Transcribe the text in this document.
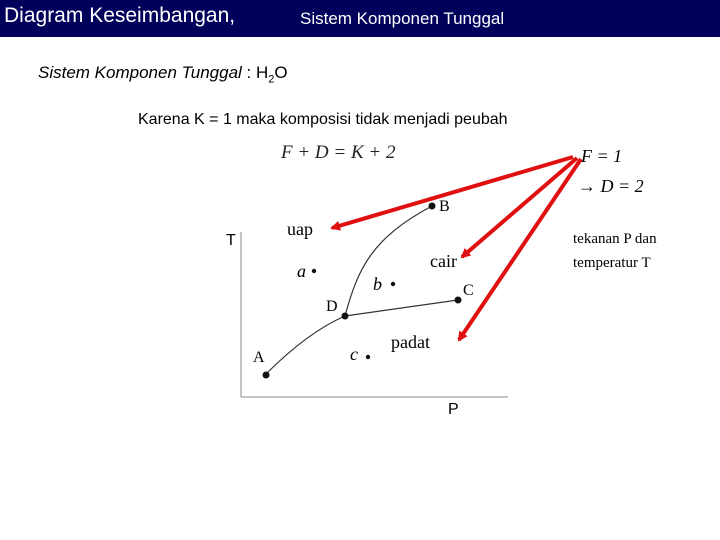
Diagram Keseimbangan,	Sistem Komponen Tunggal
Sistem Komponen Tunggal : $H_2O$
Karena K = 1 maka komposisi tidak menjadi peubah
F + D = K + 2	F = 1
→ D = 2
tekanan P dan
temperatur T
T
P
uap
cair
padat
A
B
C
D
a
b
c
